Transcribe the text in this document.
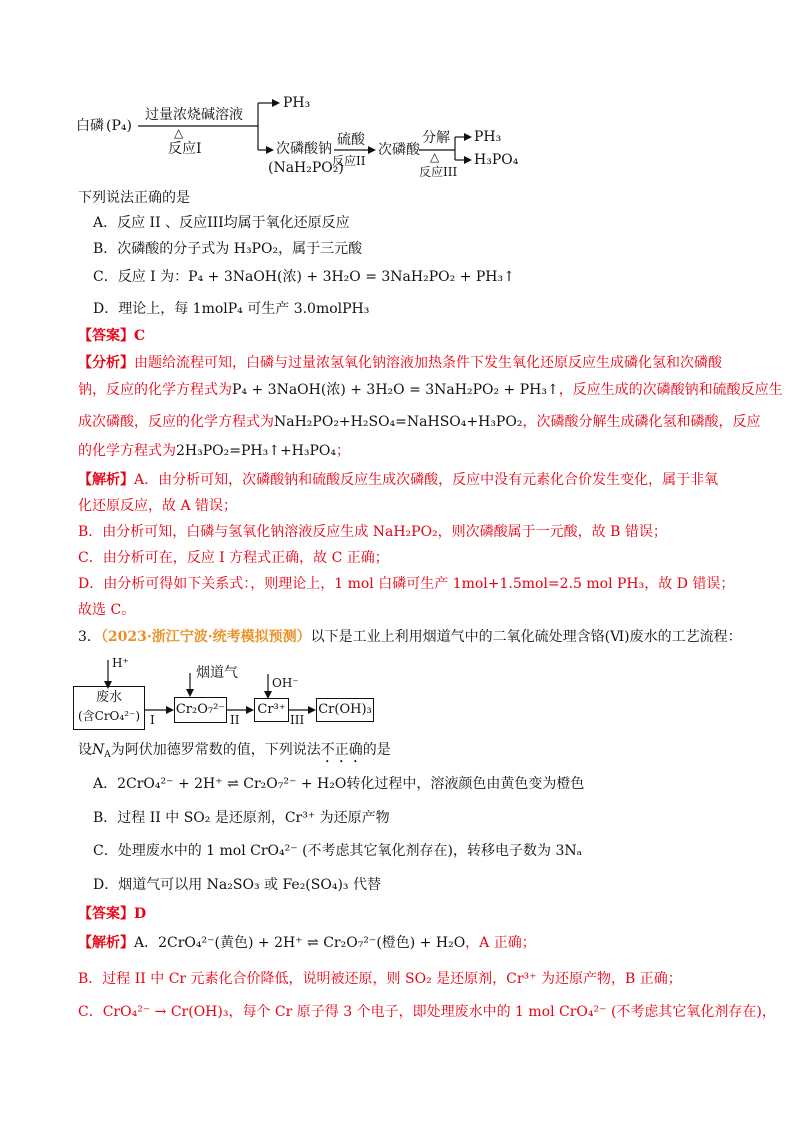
白磷 (P₄)
过量浓烧碱溶液
△
反应I
PH₃
次磷酸钠
(NaH₂PO₂)
硫酸
反应II
次磷酸
分解
△
反应III
PH₃
H₃PO₄
下列说法正确的是
A．反应 II 、反应III均属于氧化还原反应
B．次磷酸的分子式为 H₃PO₂，属于三元酸
C．反应 I 为：P₄ + 3NaOH(浓) + 3H₂O = 3NaH₂PO₂ + PH₃↑
D．理论上，每 1molP₄ 可生产 3.0molPH₃
【答案】C
【分析】由题给流程可知，白磷与过量浓氢氧化钠溶液加热条件下发生氧化还原反应生成磷化氢和次磷酸
钠，反应的化学方程式为P₄ + 3NaOH(浓) + 3H₂O = 3NaH₂PO₂ + PH₃↑，反应生成的次磷酸钠和硫酸反应生
成次磷酸，反应的化学方程式为NaH₂PO₂+H₂SO₄=NaHSO₄+H₃PO₂，次磷酸分解生成磷化氢和磷酸，反应
的化学方程式为2H₃PO₂=PH₃↑+H₃PO₄；
【解析】A．由分析可知，次磷酸钠和硫酸反应生成次磷酸，反应中没有元素化合价发生变化，属于非氧
化还原反应，故 A 错误；
B．由分析可知，白磷与氢氧化钠溶液反应生成 NaH₂PO₂，则次磷酸属于一元酸，故 B 错误；
C．由分析可在，反应 I 方程式正确，故 C 正确；
D．由分析可得如下关系式：，则理论上，1 mol 白磷可生产 1mol+1.5mol=2.5 mol PH₃，故 D 错误；
故选 C。
3．（2023·浙江宁波·统考模拟预测）以下是工业上利用烟道气中的二氧化硫处理含铬(Ⅵ)废水的工艺流程：
H⁺
烟道气
OH⁻
废水
(含CrO₄²⁻)	Cr₂O₇²⁻ Cr³⁺	Cr(OH)₃
I	II	III
设$N_A$为阿伏加德罗常数的值，下列说法不正确的是
A．2CrO₄²⁻ + 2H⁺ ⇌ Cr₂O₇²⁻ + H₂O转化过程中，溶液颜色由黄色变为橙色
B．过程 II 中 SO₂ 是还原剂，Cr³⁺ 为还原产物
C．处理废水中的 1 mol CrO₄²⁻ (不考虑其它氧化剂存在)，转移电子数为 3Nₐ
D．烟道气可以用 Na₂SO₃ 或 Fe₂(SO₄)₃ 代替
【答案】D
【解析】A．2CrO₄²⁻(黄色) + 2H⁺ ⇌ Cr₂O₇²⁻(橙色) + H₂O，A 正确；
B．过程 II 中 Cr 元素化合价降低，说明被还原，则 SO₂ 是还原剂，Cr³⁺ 为还原产物，B 正确；
C．CrO₄²⁻ → Cr(OH)₃，每个 Cr 原子得 3 个电子，即处理废水中的 1 mol CrO₄²⁻ (不考虑其它氧化剂存在)，
